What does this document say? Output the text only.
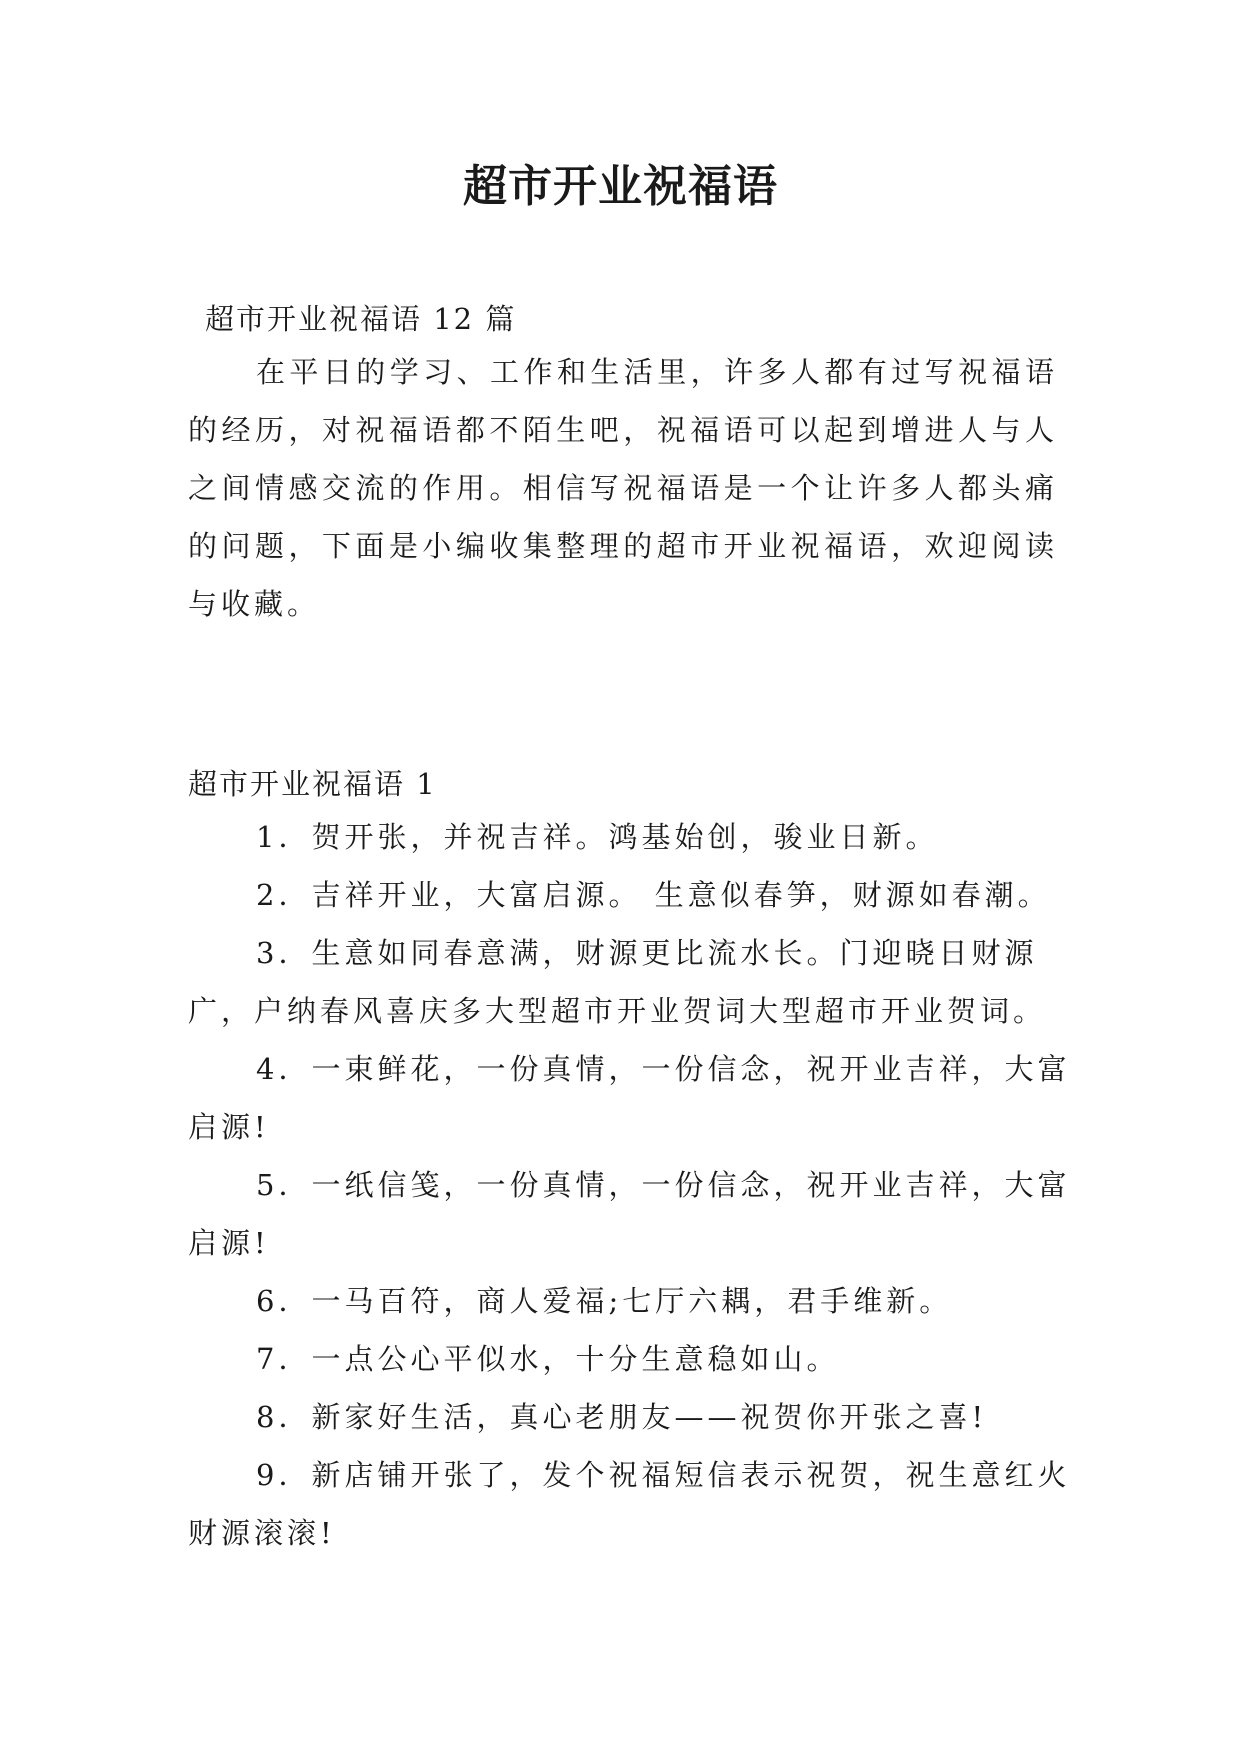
超市开业祝福语

超市开业祝福语 12 篇

在平日的学习、工作和生活里，许多人都有过写祝福语的经历，对祝福语都不陌生吧，祝福语可以起到增进人与人之间情感交流的作用。相信写祝福语是一个让许多人都头痛的问题，下面是小编收集整理的超市开业祝福语，欢迎阅读与收藏。

超市开业祝福语 1

1．贺开张，并祝吉祥。鸿基始创，骏业日新。
2．吉祥开业，大富启源。 生意似春笋，财源如春潮。
3．生意如同春意满，财源更比流水长。门迎晓日财源广，户纳春风喜庆多大型超市开业贺词大型超市开业贺词。
4．一束鲜花，一份真情，一份信念，祝开业吉祥，大富启源!
5．一纸信笺，一份真情，一份信念，祝开业吉祥，大富启源!
6．一马百符，商人爱福;七厅六耦，君手维新。
7．一点公心平似水，十分生意稳如山。
8．新家好生活，真心老朋友——祝贺你开张之喜!
9．新店铺开张了，发个祝福短信表示祝贺，祝生意红火财源滚滚!
